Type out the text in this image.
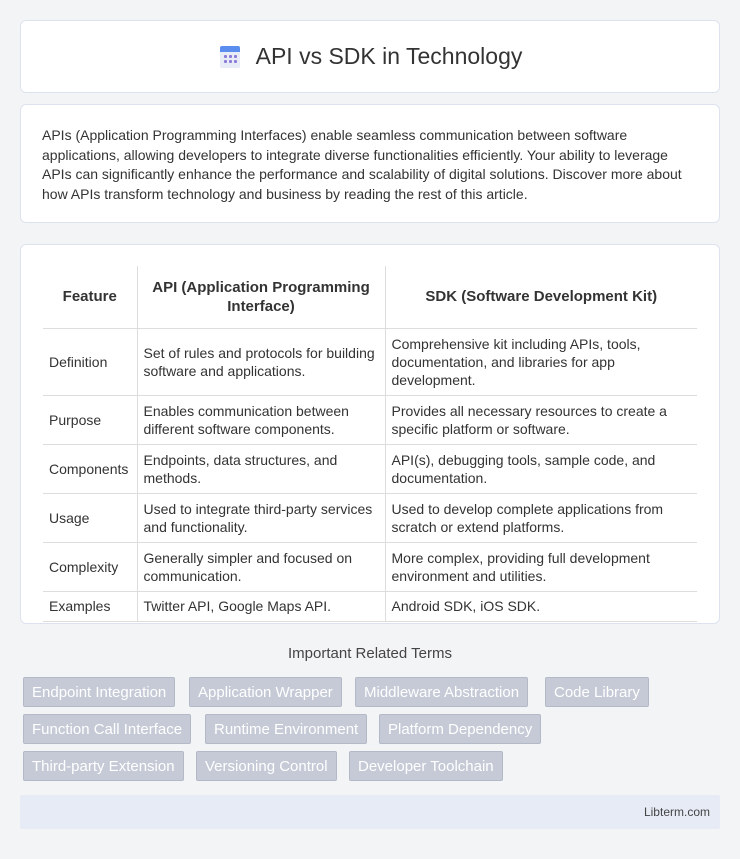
API vs SDK in Technology

APIs (Application Programming Interfaces) enable seamless communication between software applications, allowing developers to integrate diverse functionalities efficiently. Your ability to leverage APIs can significantly enhance the performance and scalability of digital solutions. Discover more about how APIs transform technology and business by reading the rest of this article.

Feature	API (Application Programming Interface)	SDK (Software Development Kit)
Definition	Set of rules and protocols for building software and applications.	Comprehensive kit including APIs, tools, documentation, and libraries for app development.
Purpose	Enables communication between different software components.	Provides all necessary resources to create a specific platform or software.
Components	Endpoints, data structures, and methods.	API(s), debugging tools, sample code, and documentation.
Usage	Used to integrate third-party services and functionality.	Used to develop complete applications from scratch or extend platforms.
Complexity	Generally simpler and focused on communication.	More complex, providing full development environment and utilities.
Examples	Twitter API, Google Maps API.	Android SDK, iOS SDK.
Important Related Terms
Endpoint Integration	Application Wrapper	Middleware Abstraction	Code Library
Function Call Interface	Runtime Environment	Platform Dependency
Third-party Extension	Versioning Control	Developer Toolchain
Libterm.com
